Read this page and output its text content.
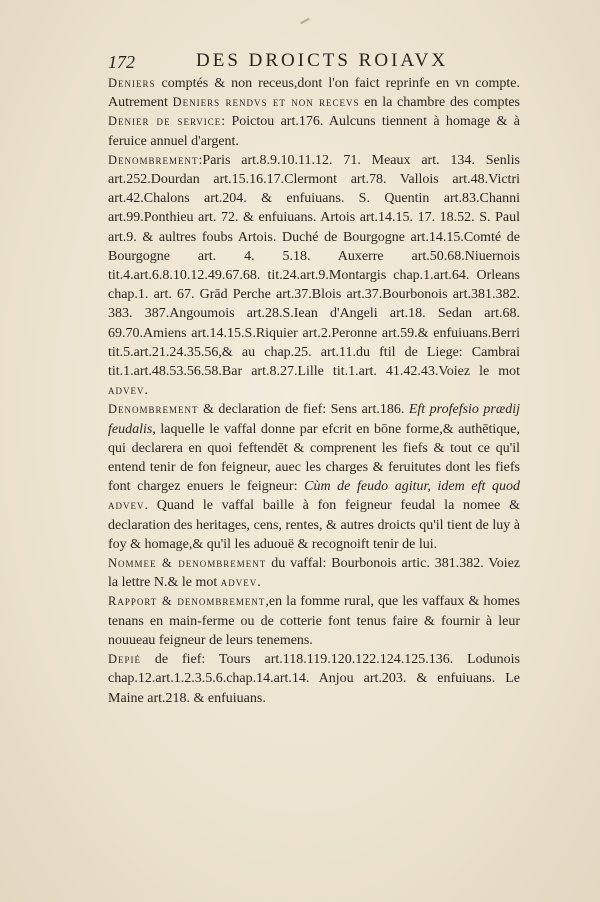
172	DES DROICTS ROIAVX

Deniers comptés & non receus,dont l'on faict reprinfe en vn compte. Autrement Deniers rendvs et non recevs en la chambre des comptes Denier de service: Poictou art.176. Aulcuns tiennent à homage & à feruice annuel d'argent.

Denombrement:Paris art.8.9.10.11.12. 71. Meaux art. 134. Senlis art.252.Dourdan art.15.16.17.Clermont art.78. Vallois art.48.Victri art.42.Chalons art.204. & enfuiuans. S. Quentin art.83.Channi art.99.Ponthieu art. 72. & enfuiuans. Artois art.14.15. 17. 18.52. S. Paul art.9. & aultres foubs Artois. Duché de Bourgogne art.14.15.Comté de Bourgogne art. 4. 5.18. Auxerre art.50.68.Niuernois tit.4.art.6.8.10.12.49.67.68. tit.24.art.9.Montargis chap.1.art.64. Orleans chap.1. art. 67. Grād Perche art.37.Blois art.37.Bourbonois art.381.382. 383. 387.Angoumois art.28.S.Iean d'Angeli art.18. Sedan art.68. 69.70.Amiens art.14.15.S.Riquier art.2.Peronne art.59.& enfuiuans.Berri tit.5.art.21.24.35.56,& au chap.25. art.11.du ftil de Liege: Cambrai tit.1.art.48.53.56.58.Bar art.8.27.Lille tit.1.art. 41.42.43.Voiez le mot advev.

Denombrement & declaration de fief: Sens art.186. Eft profefsio prædij feudalis, laquelle le vaffal donne par efcrit en bōne forme,& authētique, qui declarera en quoi feftendēt & comprenent les fiefs & tout ce qu'il entend tenir de fon feigneur, auec les charges & feruitutes dont les fiefs font chargez enuers le feigneur: Cùm de feudo agitur, idem eft quod advev. Quand le vaffal baille à fon feigneur feudal la nomee & declaration des heritages, cens, rentes, & autres droicts qu'il tient de luy à foy & homage,& qu'il les aduouë & recognoift tenir de lui.

Nommee & denombrement du vaffal: Bourbonois artic. 381.382. Voiez la lettre N.& le mot advev.

Rapport & denombrement,en la fomme rural, que les vaffaux & homes tenans en main-ferme ou de cotterie font tenus faire & fournir à leur nouueau feigneur de leurs tenemens.

Depié de fief: Tours art.118.119.120.122.124.125.136. Lodunois chap.12.art.1.2.3.5.6.chap.14.art.14. Anjou art.203. & enfuiuans. Le Maine art.218. & enfuiuans.
